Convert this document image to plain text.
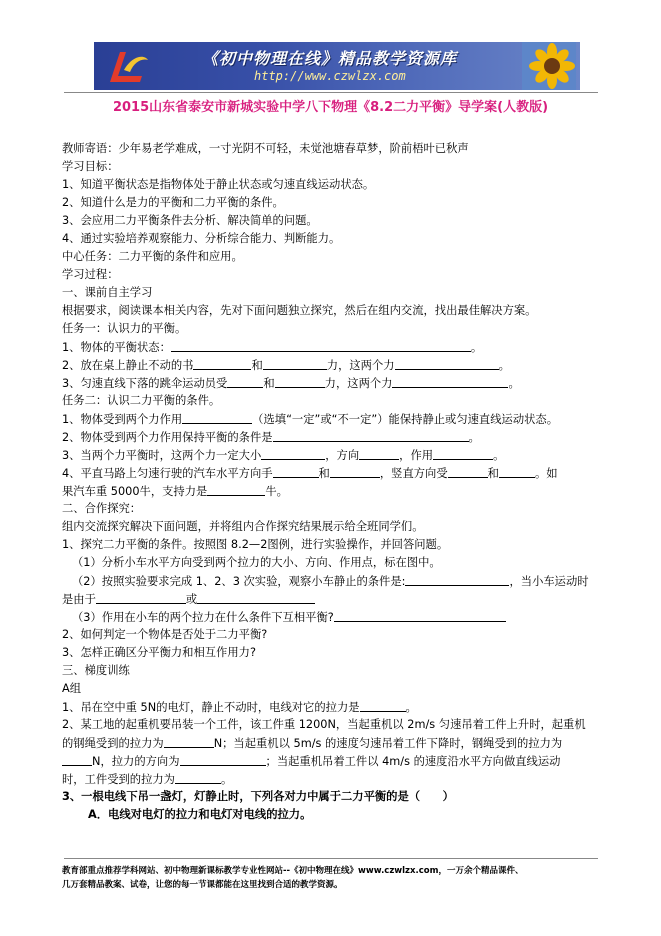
《初中物理在线》精品教学资源库
http://www.czwlzx.com
2015山东省泰安市新城实验中学八下物理《8.2二力平衡》导学案(人教版)
教师寄语：少年易老学难成，一寸光阴不可轻，未觉池塘春草梦，阶前梧叶已秋声
学习目标：
1、知道平衡状态是指物体处于静止状态或匀速直线运动状态。
2、知道什么是力的平衡和二力平衡的条件。
3、会应用二力平衡条件去分析、解决简单的问题。
4、通过实验培养观察能力、分析综合能力、判断能力。
中心任务：二力平衡的条件和应用。
学习过程：
一、课前自主学习
根据要求，阅读课本相关内容，先对下面问题独立探究，然后在组内交流，找出最佳解决方案。
任务一：认识力的平衡。
1、物体的平衡状态：	。
2、放在桌上静止不动的书	和	力，这两个力	。
3、匀速直线下落的跳伞运动员受	和	力，这两个力	。
任务二：认识二力平衡的条件。
1、物体受到两个力作用	（选填“一定”或“不一定”）能保持静止或匀速直线运动状态。
2、物体受到两个力作用保持平衡的条件是	。
3、当两个力平衡时，这两个力一定大小	，方向	，作用	。
4、平直马路上匀速行驶的汽车水平方向手	和	，竖直方向受	和	。如
果汽车重 5000牛，支持力是	牛。
二、合作探究：
组内交流探究解决下面问题，并将组内合作探究结果展示给全班同学们。
1、探究二力平衡的条件。按照图 8.2—2图例，进行实验操作，并回答问题。
（1）分析小车水平方向受到两个拉力的大小、方向、作用点，标在图中。
（2）按照实验要求完成 1、2、3 次实验，观察小车静止的条件是:	，当小车运动时
是由于	或
（3）作用在小车的两个拉力在什么条件下互相平衡?
2、如何判定一个物体是否处于二力平衡?
3、怎样正确区分平衡力和相互作用力?
三、梯度训练
A组
1、吊在空中重 5N的电灯，静止不动时，电线对它的拉力是	。
2、某工地的起重机要吊装一个工件，该工件重 1200N，当起重机以 2m/s 匀速吊着工件上升时，起重机
的钢绳受到的拉力为	N；当起重机以 5m/s 的速度匀速吊着工件下降时，钢绳受到的拉力为
N，拉力的方向为	；当起重机吊着工件以 4m/s 的速度沿水平方向做直线运动
时，工件受到的拉力为	。
3、一根电线下吊一盏灯，灯静止时，下列各对力中属于二力平衡的是（　　）
A．电线对电灯的拉力和电灯对电线的拉力。
教育部重点推荐学科网站、初中物理新课标教学专业性网站--《初中物理在线》www.czwlzx.com，一万余个精品课件、
几万套精品教案、试卷，让您的每一节课都能在这里找到合适的教学资源。
